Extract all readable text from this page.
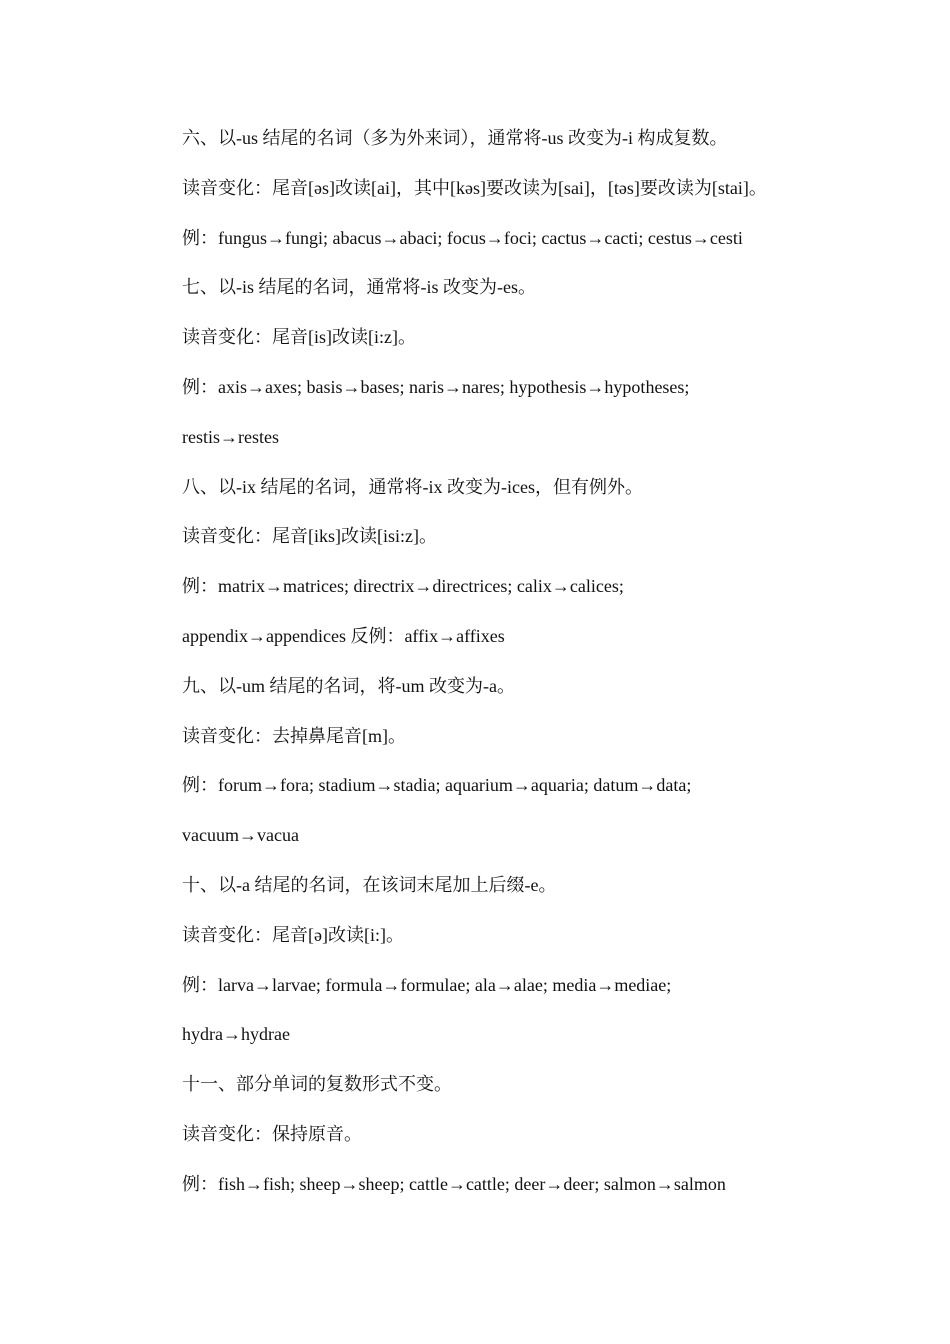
六、以-us 结尾的名词（多为外来词），通常将-us 改变为-i 构成复数。
读音变化：尾音[əs]改读[ai]，其中[kəs]要改读为[sai]，[təs]要改读为[stai]。
例：fungus→fungi; abacus→abaci; focus→foci; cactus→cacti; cestus→cesti
七、以-is 结尾的名词，通常将-is 改变为-es。
读音变化：尾音[is]改读[i:z]。
例：axis→axes; basis→bases; naris→nares; hypothesis→hypotheses;
restis→restes
八、以-ix 结尾的名词，通常将-ix 改变为-ices，但有例外。
读音变化：尾音[iks]改读[isi:z]。
例：matrix→matrices; directrix→directrices; calix→calices;
appendix→appendices 反例：affix→affixes
九、以-um 结尾的名词，将-um 改变为-a。
读音变化：去掉鼻尾音[m]。
例：forum→fora; stadium→stadia; aquarium→aquaria; datum→data;
vacuum→vacua
十、以-a 结尾的名词，在该词末尾加上后缀-e。
读音变化：尾音[ə]改读[i:]。
例：larva→larvae; formula→formulae; ala→alae; media→mediae;
hydra→hydrae
十一、部分单词的复数形式不变。
读音变化：保持原音。
例：fish→fish; sheep→sheep; cattle→cattle; deer→deer; salmon→salmon
